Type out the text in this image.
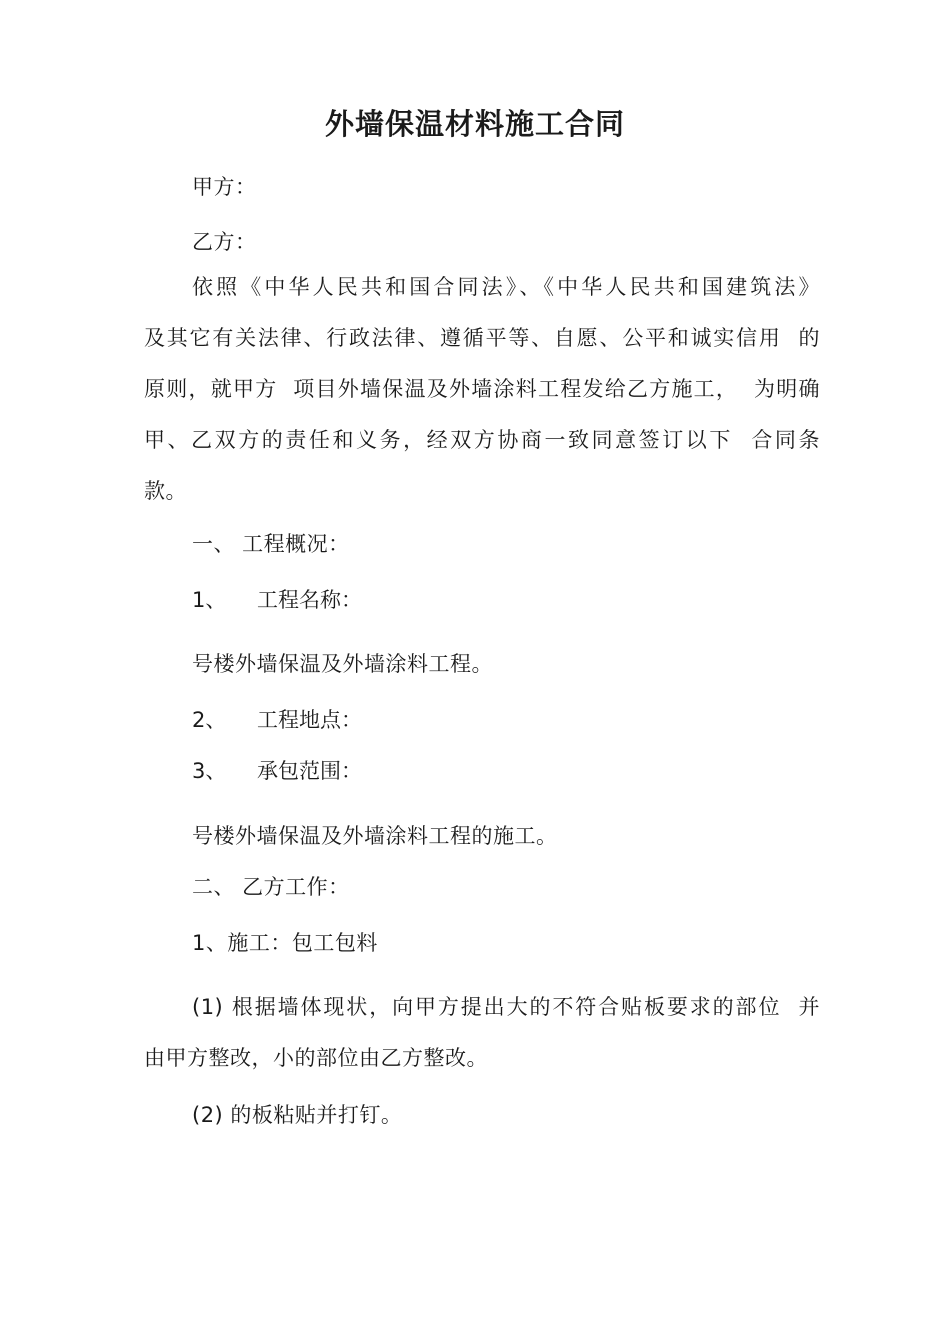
外墙保温材料施工合同
甲方：
乙方：
依照《中华人民共和国合同法》、《中华人民共和国建筑法》
及其它有关法律、行政法律、遵循平等、自愿、公平和诚实信用  的
原则，就甲方  项目外墙保温及外墙涂料工程发给乙方施工，  为明确
甲、乙双方的责任和义务，经双方协商一致同意签订以下  合同条
款。
一、 工程概况：
1、 工程名称：
号楼外墙保温及外墙涂料工程。
2、 工程地点：
3、 承包范围：
号楼外墙保温及外墙涂料工程的施工。
二、 乙方工作：
1、施工：包工包料
(1) 根据墙体现状，向甲方提出大的不符合贴板要求的部位  并
由甲方整改，小的部位由乙方整改。
(2) 的板粘贴并打钉。
